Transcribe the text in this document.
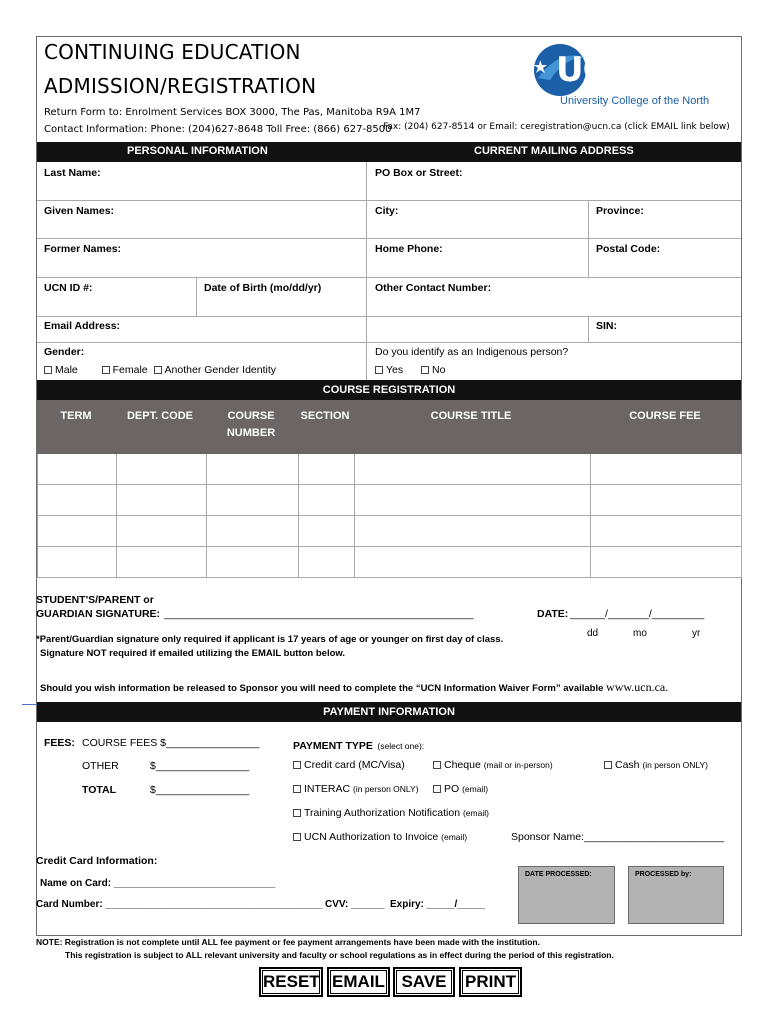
CONTINUING EDUCATION
ADMISSION/REGISTRATION
Return Form to: Enrolment Services BOX 3000, The Pas, Manitoba R9A 1M7
Contact Information: Phone: (204)627-8648 Toll Free: (866) 627-8500
Fax: (204) 627-8514 or Email: ceregistration@ucn.ca (click EMAIL link below)
UCN
University College of the North
PERSONAL INFORMATION	CURRENT MAILING ADDRESS
Last Name:	PO Box or Street:
Given Names:	City:	Province:
Former Names:	Home Phone:	Postal Code:
UCN ID #:	Date of Birth (mo/dd/yr)	Other Contact Number:
Email Address:	SIN:
Gender:
Male	Female Another Gender Identity
Do you identify as an Indigenous person?
Yes	No
COURSE REGISTRATION
TERM	DEPT. CODE	COURSE
NUMBER
SECTION	COURSE TITLE	COURSE FEE
STUDENT'S/PARENT or
GUARDIAN SIGNATURE: _____________________________________________________	DATE: ______/_______/_________
dd	mo	yr
*Parent/Guardian signature only required if applicant is 17 years of age or younger on first day of class.
Signature NOT required if emailed utilizing the EMAIL button below.
Should you wish information be released to Sponsor you will need to complete the “UCN Information Waiver Form” available www.ucn.ca.
PAYMENT INFORMATION
FEES: COURSE FEES $________________
OTHER	$________________
TOTAL	$________________
PAYMENT TYPE (select one):
Credit card (MC/Visa)	Cheque (mail or in-person)	Cash (in person ONLY)
INTERAC (in person ONLY)	PO (email)
Training Authorization Notification (email)
UCN Authorization to Invoice (email)	Sponsor Name:________________________
Credit Card Information:
Name on Card: _____________________________
Card Number: _______________________________________ CVV: ______ Expiry: _____/_____
DATE PROCESSED:	PROCESSED by:
NOTE: Registration is not complete until ALL fee payment or fee payment arrangements have been made with the institution.
This registration is subject to ALL relevant university and faculty or school regulations as in effect during the period of this registration.
RESET EMAIL SAVE	PRINT
